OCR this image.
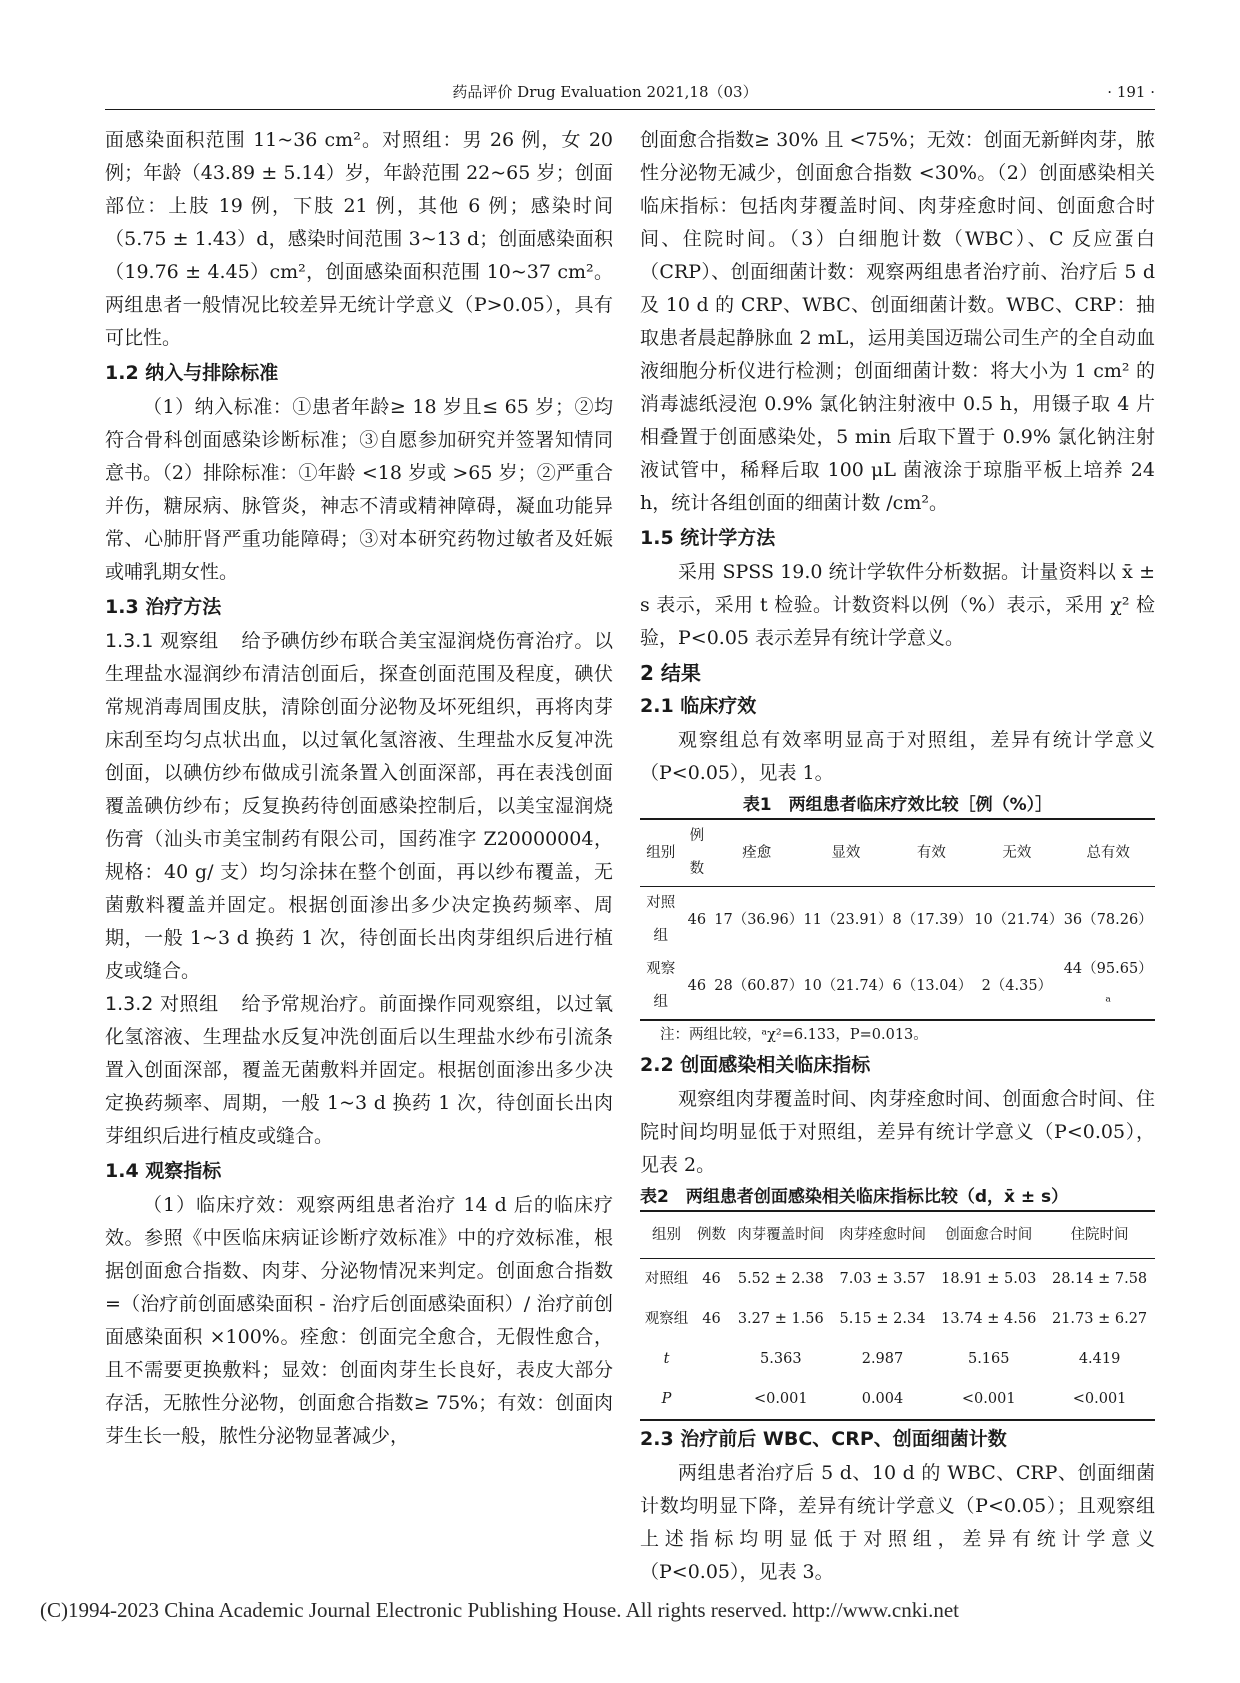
药品评价 Drug Evaluation 2021,18（03）	· 191 ·

面感染面积范围 11~36 cm²。对照组：男 26 例，女 20 例；年龄（43.89 ± 5.14）岁，年龄范围 22~65 岁；创面部位：上肢 19 例，下肢 21 例，其他 6 例；感染时间（5.75 ± 1.43）d，感染时间范围 3~13 d；创面感染面积（19.76 ± 4.45）cm²，创面感染面积范围 10~37 cm²。两组患者一般情况比较差异无统计学意义（P>0.05），具有可比性。

1.2 纳入与排除标准

（1）纳入标准：①患者年龄≥ 18 岁且≤ 65 岁；②均符合骨科创面感染诊断标准；③自愿参加研究并签署知情同意书。（2）排除标准：①年龄 <18 岁或 >65 岁；②严重合并伤，糖尿病、脉管炎，神志不清或精神障碍，凝血功能异常、心肺肝肾严重功能障碍；③对本研究药物过敏者及妊娠或哺乳期女性。

1.3 治疗方法

1.3.1 观察组 给予碘仿纱布联合美宝湿润烧伤膏治疗。以生理盐水湿润纱布清洁创面后，探查创面范围及程度，碘伏常规消毒周围皮肤，清除创面分泌物及坏死组织，再将肉芽床刮至均匀点状出血，以过氧化氢溶液、生理盐水反复冲洗创面，以碘仿纱布做成引流条置入创面深部，再在表浅创面覆盖碘仿纱布；反复换药待创面感染控制后，以美宝湿润烧伤膏（汕头市美宝制药有限公司，国药准字 Z20000004，规格：40 g/ 支）均匀涂抹在整个创面，再以纱布覆盖，无菌敷料覆盖并固定。根据创面渗出多少决定换药频率、周期，一般 1~3 d 换药 1 次，待创面长出肉芽组织后进行植皮或缝合。

1.3.2 对照组 给予常规治疗。前面操作同观察组，以过氧化氢溶液、生理盐水反复冲洗创面后以生理盐水纱布引流条置入创面深部，覆盖无菌敷料并固定。根据创面渗出多少决定换药频率、周期，一般 1~3 d 换药 1 次，待创面长出肉芽组织后进行植皮或缝合。

1.4 观察指标

（1）临床疗效：观察两组患者治疗 14 d 后的临床疗效。参照《中医临床病证诊断疗效标准》中的疗效标准，根据创面愈合指数、肉芽、分泌物情况来判定。创面愈合指数 =（治疗前创面感染面积 - 治疗后创面感染面积）/ 治疗前创面感染面积 ×100%。痊愈：创面完全愈合，无假性愈合，且不需要更换敷料；显效：创面肉芽生长良好，表皮大部分存活，无脓性分泌物，创面愈合指数≥ 75%；有效：创面肉芽生长一般，脓性分泌物显著减少，

创面愈合指数≥ 30% 且 <75%；无效：创面无新鲜肉芽，脓性分泌物无减少，创面愈合指数 <30%。（2）创面感染相关临床指标：包括肉芽覆盖时间、肉芽痊愈时间、创面愈合时间、住院时间。（3）白细胞计数（WBC）、C 反应蛋白（CRP）、创面细菌计数：观察两组患者治疗前、治疗后 5 d 及 10 d 的 CRP、WBC、创面细菌计数。WBC、CRP：抽取患者晨起静脉血 2 mL，运用美国迈瑞公司生产的全自动血液细胞分析仪进行检测；创面细菌计数：将大小为 1 cm² 的消毒滤纸浸泡 0.9% 氯化钠注射液中 0.5 h，用镊子取 4 片相叠置于创面感染处，5 min 后取下置于 0.9% 氯化钠注射液试管中，稀释后取 100 μL 菌液涂于琼脂平板上培养 24 h，统计各组创面的细菌计数 /cm²。

1.5 统计学方法

采用 SPSS 19.0 统计学软件分析数据。计量资料以 x̄ ± s 表示，采用 t 检验。计数资料以例（%）表示，采用 χ² 检验，P<0.05 表示差异有统计学意义。

2 结果
2.1 临床疗效

观察组总有效率明显高于对照组，差异有统计学意义（P<0.05），见表 1。

表1　两组患者临床疗效比较［例（%）］
组别	例数	痊愈	显效	有效	无效	总有效
对照组	46	17（36.96）	11（23.91）	8（17.39）	10（21.74）	36（78.26）
观察组	46	28（60.87）	10（21.74）	6（13.04）	2（4.35）	44（95.65）ᵃ
注：两组比较，ᵃχ²=6.133，P=0.013。
2.2 创面感染相关临床指标

观察组肉芽覆盖时间、肉芽痊愈时间、创面愈合时间、住院时间均明显低于对照组，差异有统计学意义（P<0.05），见表 2。

表2　两组患者创面感染相关临床指标比较（d，x̄ ± s）
组别	例数	肉芽覆盖时间	肉芽痊愈时间	创面愈合时间	住院时间
对照组	46	5.52 ± 2.38	7.03 ± 3.57	18.91 ± 5.03	28.14 ± 7.58
观察组	46	3.27 ± 1.56	5.15 ± 2.34	13.74 ± 4.56	21.73 ± 6.27
t		5.363	2.987	5.165	4.419
P		<0.001	0.004	<0.001	<0.001
2.3 治疗前后 WBC、CRP、创面细菌计数

两组患者治疗后 5 d、10 d 的 WBC、CRP、创面细菌计数均明显下降，差异有统计学意义（P<0.05）；且观察组上述指标均明显低于对照组，差异有统计学意义（P<0.05），见表 3。

(C)1994-2023 China Academic Journal Electronic Publishing House. All rights reserved. http://www.cnki.net
